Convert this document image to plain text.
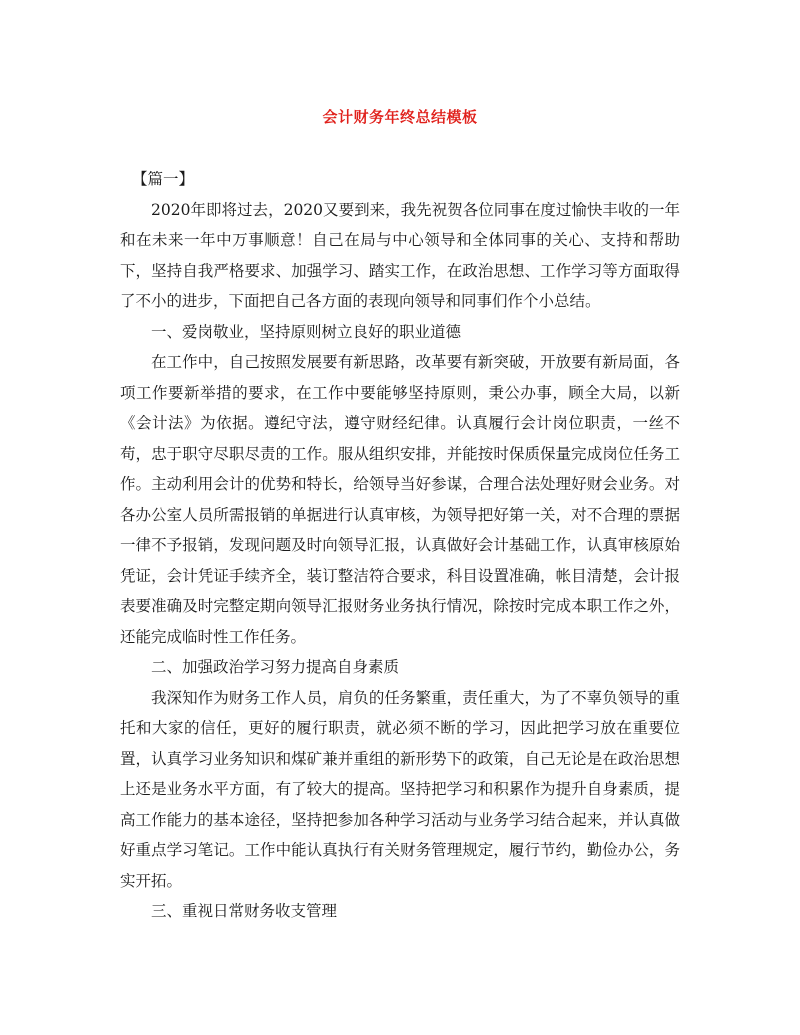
会计财务年终总结模板

【篇一】

2020年即将过去，2020又要到来，我先祝贺各位同事在度过愉快丰收的一年和在未来一年中万事顺意！自己在局与中心领导和全体同事的关心、支持和帮助下，坚持自我严格要求、加强学习、踏实工作，在政治思想、工作学习等方面取得了不小的进步，下面把自己各方面的表现向领导和同事们作个小总结。

一、爱岗敬业，坚持原则树立良好的职业道德

在工作中，自己按照发展要有新思路，改革要有新突破，开放要有新局面，各项工作要新举措的要求，在工作中要能够坚持原则，秉公办事，顾全大局，以新《会计法》为依据。遵纪守法，遵守财经纪律。认真履行会计岗位职责，一丝不苟，忠于职守尽职尽责的工作。服从组织安排，并能按时保质保量完成岗位任务工作。主动利用会计的优势和特长，给领导当好参谋，合理合法处理好财会业务。对各办公室人员所需报销的单据进行认真审核，为领导把好第一关，对不合理的票据一律不予报销，发现问题及时向领导汇报，认真做好会计基础工作，认真审核原始凭证，会计凭证手续齐全，装订整洁符合要求，科目设置准确，帐目清楚，会计报表要准确及时完整定期向领导汇报财务业务执行情况，除按时完成本职工作之外，还能完成临时性工作任务。

二、加强政治学习努力提高自身素质

我深知作为财务工作人员，肩负的任务繁重，责任重大，为了不辜负领导的重托和大家的信任，更好的履行职责，就必须不断的学习，因此把学习放在重要位置，认真学习业务知识和煤矿兼并重组的新形势下的政策，自己无论是在政治思想上还是业务水平方面，有了较大的提高。坚持把学习和积累作为提升自身素质，提高工作能力的基本途径，坚持把参加各种学习活动与业务学习结合起来，并认真做好重点学习笔记。工作中能认真执行有关财务管理规定，履行节约，勤俭办公，务实开拓。

三、重视日常财务收支管理
